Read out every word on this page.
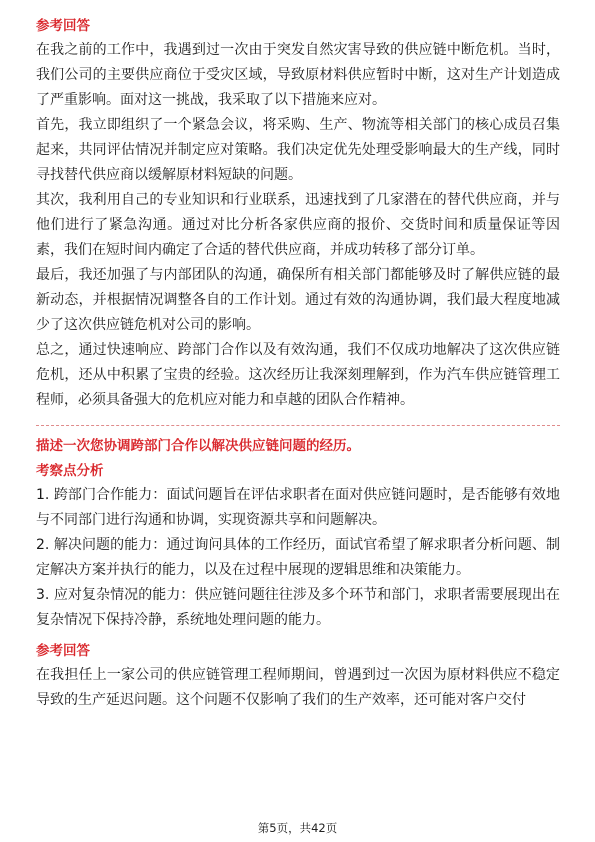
参考回答

在我之前的工作中，我遇到过一次由于突发自然灾害导致的供应链中断危机。当时，我们公司的主要供应商位于受灾区域，导致原材料供应暂时中断，这对生产计划造成了严重影响。面对这一挑战，我采取了以下措施来应对。

首先，我立即组织了一个紧急会议，将采购、生产、物流等相关部门的核心成员召集起来，共同评估情况并制定应对策略。我们决定优先处理受影响最大的生产线，同时寻找替代供应商以缓解原材料短缺的问题。

其次，我利用自己的专业知识和行业联系，迅速找到了几家潜在的替代供应商，并与他们进行了紧急沟通。通过对比分析各家供应商的报价、交货时间和质量保证等因素，我们在短时间内确定了合适的替代供应商，并成功转移了部分订单。

最后，我还加强了与内部团队的沟通，确保所有相关部门都能够及时了解供应链的最新动态，并根据情况调整各自的工作计划。通过有效的沟通协调，我们最大程度地减少了这次供应链危机对公司的影响。

总之，通过快速响应、跨部门合作以及有效沟通，我们不仅成功地解决了这次供应链危机，还从中积累了宝贵的经验。这次经历让我深刻理解到，作为汽车供应链管理工程师，必须具备强大的危机应对能力和卓越的团队合作精神。

描述一次您协调跨部门合作以解决供应链问题的经历。
考察点分析

1. 跨部门合作能力：面试问题旨在评估求职者在面对供应链问题时，是否能够有效地与不同部门进行沟通和协调，实现资源共享和问题解决。

2. 解决问题的能力：通过询问具体的工作经历，面试官希望了解求职者分析问题、制定解决方案并执行的能力，以及在过程中展现的逻辑思维和决策能力。

3. 应对复杂情况的能力：供应链问题往往涉及多个环节和部门，求职者需要展现出在复杂情况下保持冷静，系统地处理问题的能力。

参考回答

在我担任上一家公司的供应链管理工程师期间，曾遇到过一次因为原材料供应不稳定导致的生产延迟问题。这个问题不仅影响了我们的生产效率，还可能对客户交付

第5页，共42页
